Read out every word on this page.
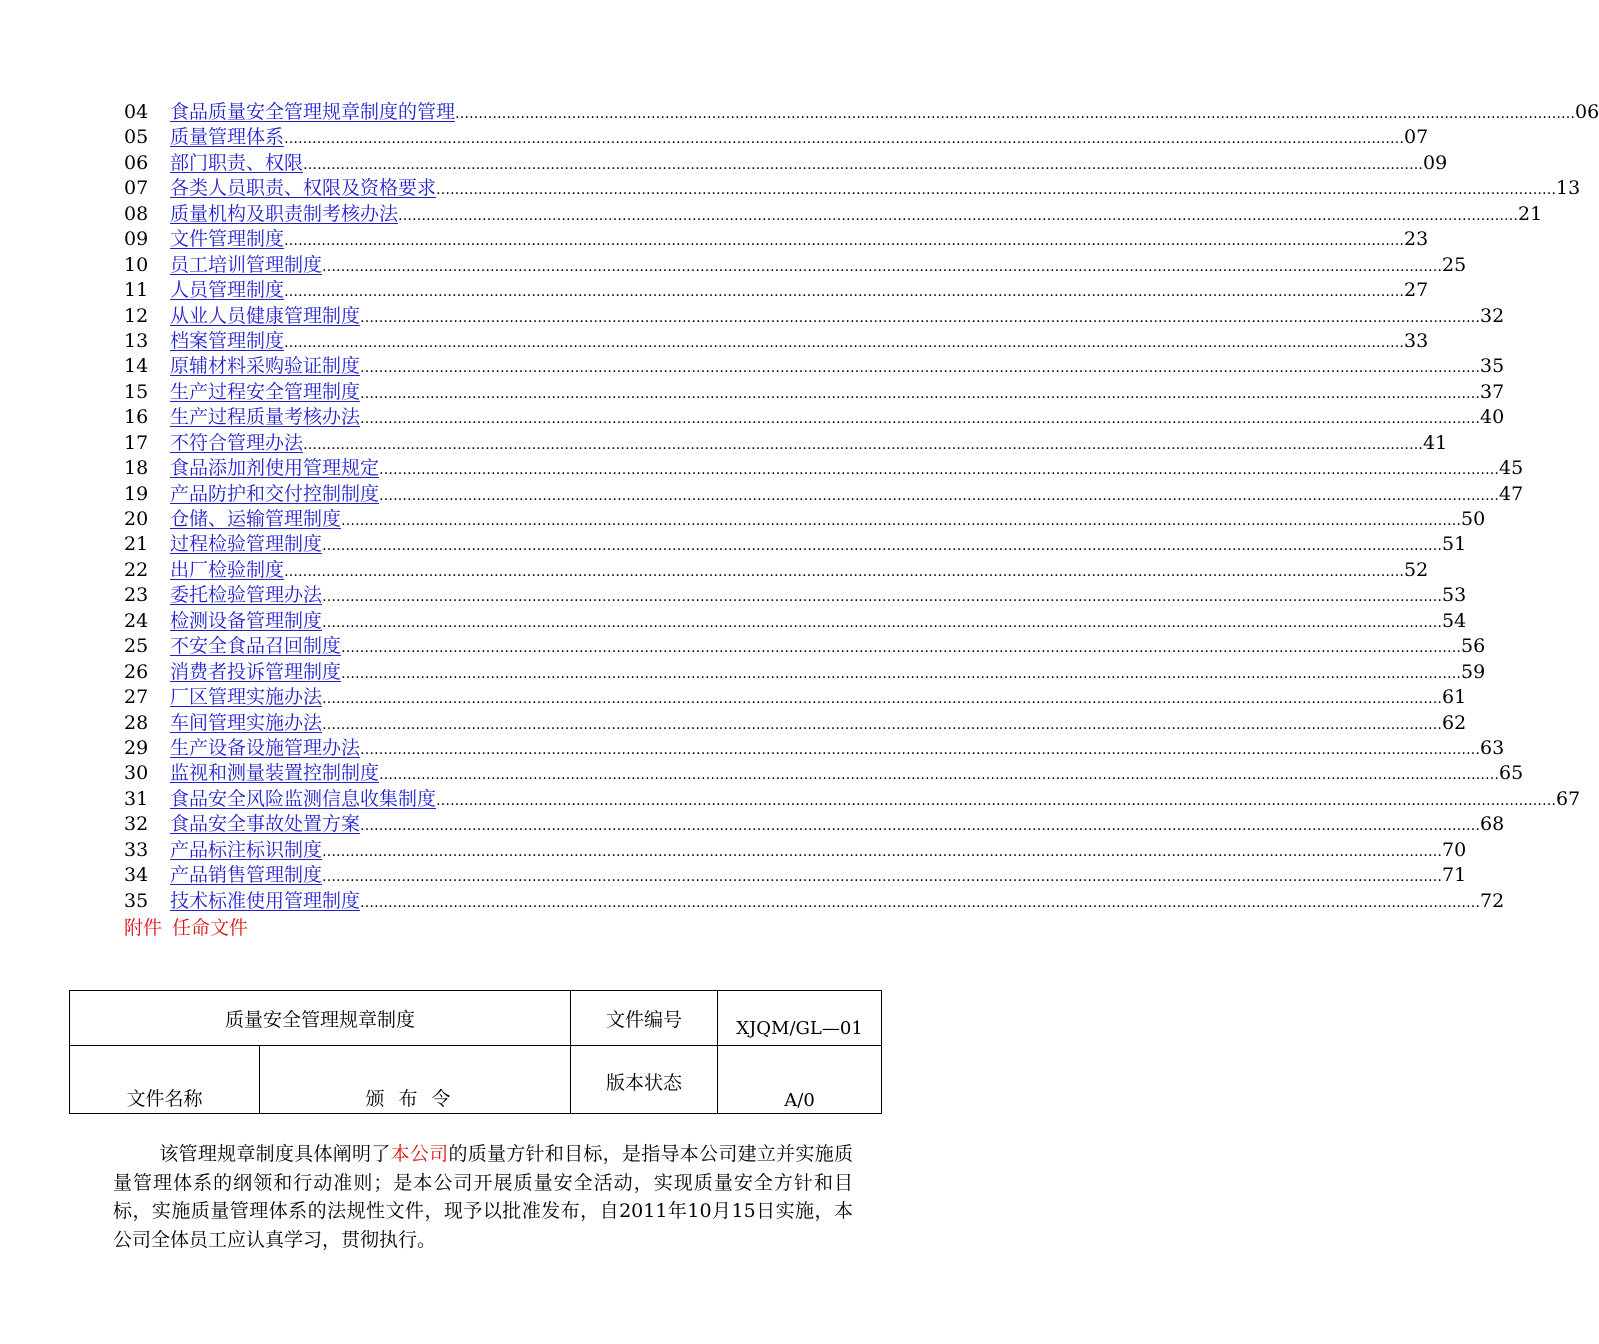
04	食品质量安全管理规章制度的管理 …………………………………………………………………………………………………………………………………………………………………………………………………………………… 06
05	质量管理体系 …………………………………………………………………………………………………………………………………………………………………………………………………………………… 07
06	部门职责、权限 …………………………………………………………………………………………………………………………………………………………………………………………………………………… 09
07	各类人员职责、权限及资格要求 …………………………………………………………………………………………………………………………………………………………………………………………………………………… 13
08	质量机构及职责制考核办法 …………………………………………………………………………………………………………………………………………………………………………………………………………………… 21
09	文件管理制度 …………………………………………………………………………………………………………………………………………………………………………………………………………………… 23
10	员工培训管理制度 …………………………………………………………………………………………………………………………………………………………………………………………………………………… 25
11	人员管理制度 …………………………………………………………………………………………………………………………………………………………………………………………………………………… 27
12	从业人员健康管理制度 …………………………………………………………………………………………………………………………………………………………………………………………………………………… 32
13	档案管理制度 …………………………………………………………………………………………………………………………………………………………………………………………………………………… 33
14	原辅材料采购验证制度 …………………………………………………………………………………………………………………………………………………………………………………………………………………… 35
15	生产过程安全管理制度 …………………………………………………………………………………………………………………………………………………………………………………………………………………… 37
16	生产过程质量考核办法 …………………………………………………………………………………………………………………………………………………………………………………………………………………… 40
17	不符合管理办法 …………………………………………………………………………………………………………………………………………………………………………………………………………………… 41
18	食品添加剂使用管理规定 …………………………………………………………………………………………………………………………………………………………………………………………………………………… 45
19	产品防护和交付控制制度 …………………………………………………………………………………………………………………………………………………………………………………………………………………… 47
20	仓储、运输管理制度 …………………………………………………………………………………………………………………………………………………………………………………………………………………… 50
21	过程检验管理制度 …………………………………………………………………………………………………………………………………………………………………………………………………………………… 51
22	出厂检验制度 …………………………………………………………………………………………………………………………………………………………………………………………………………………… 52
23	委托检验管理办法 …………………………………………………………………………………………………………………………………………………………………………………………………………………… 53
24	检测设备管理制度 …………………………………………………………………………………………………………………………………………………………………………………………………………………… 54
25	不安全食品召回制度 …………………………………………………………………………………………………………………………………………………………………………………………………………………… 56
26	消费者投诉管理制度 …………………………………………………………………………………………………………………………………………………………………………………………………………………… 59
27	厂区管理实施办法 …………………………………………………………………………………………………………………………………………………………………………………………………………………… 61
28	车间管理实施办法 …………………………………………………………………………………………………………………………………………………………………………………………………………………… 62
29	生产设备设施管理办法 …………………………………………………………………………………………………………………………………………………………………………………………………………………… 63
30	监视和测量装置控制制度 …………………………………………………………………………………………………………………………………………………………………………………………………………………… 65
31	食品安全风险监测信息收集制度 …………………………………………………………………………………………………………………………………………………………………………………………………………………… 67
32	食品安全事故处置方案 …………………………………………………………………………………………………………………………………………………………………………………………………………………… 68
33	产品标注标识制度 …………………………………………………………………………………………………………………………………………………………………………………………………………………… 70
34	产品销售管理制度 …………………………………………………………………………………………………………………………………………………………………………………………………………………… 71
35	技术标准使用管理制度 …………………………………………………………………………………………………………………………………………………………………………………………………………………… 72
附件 任命文件
质量安全管理规章制度		文件编号	XJQM/GL—01
文件名称	颁布令	版本状态	A/0
该管理规章制度具体阐明了本公司的质量方针和目标，是指导本公司建立并实施质量管理体系的纲领和行动准则；是本公司开展质量安全活动，实现质量安全方针和目标，实施质量管理体系的法规性文件，现予以批准发布，自2011年10月15日实施，本公司全体员工应认真学习，贯彻执行。
